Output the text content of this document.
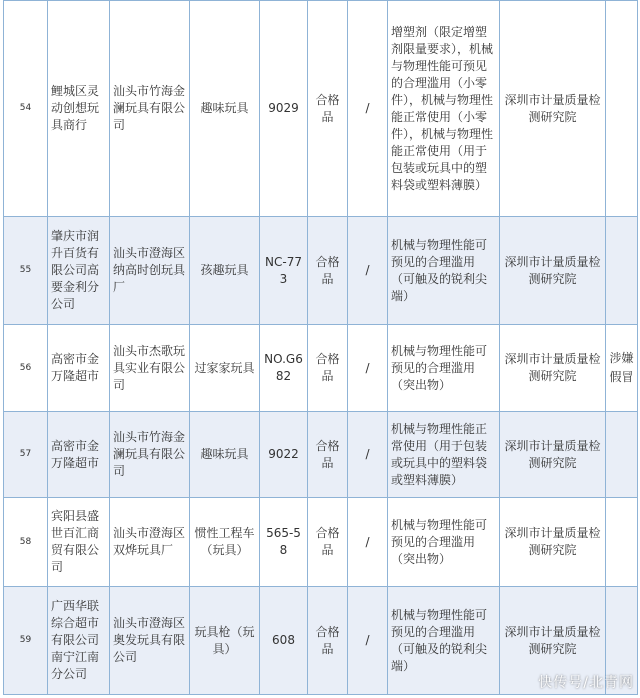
54	鲤城区灵动创想玩具商行	汕头市竹海金澜玩具有限公司	趣味玩具	9029	合格品	/	增塑剂（限定增塑剂限量要求），机械与物理性能可预见的合理滥用（小零件），机械与物理性能正常使用（小零件），机械与物理性能正常使用（用于包装或玩具中的塑料袋或塑料薄膜）	深圳市计量质量检测研究院	
55	肇庆市润升百货有限公司高要金利分公司	汕头市澄海区纳高时创玩具厂	孩趣玩具	NC-773	合格品	/	机械与物理性能可预见的合理滥用（可触及的锐利尖端）	深圳市计量质量检测研究院	
56	高密市金万隆超市	汕头市杰歌玩具实业有限公司	过家家玩具	NO.G682	合格品	/	机械与物理性能可预见的合理滥用（突出物）	深圳市计量质量检测研究院	涉嫌假冒
57	高密市金万隆超市	汕头市竹海金澜玩具有限公司	趣味玩具	9022	合格品	/	机械与物理性能正常使用（用于包装或玩具中的塑料袋或塑料薄膜）	深圳市计量质量检测研究院	
58	宾阳县盛世百汇商贸有限公司	汕头市澄海区双烨玩具厂	惯性工程车（玩具）	565-58	合格品	/	机械与物理性能可预见的合理滥用（突出物）	深圳市计量质量检测研究院	
59	广西华联综合超市有限公司南宁江南分公司	汕头市澄海区奥发玩具有限公司	玩具枪（玩具）	608	合格品	/	机械与物理性能可预见的合理滥用（可触及的锐利尖端）	深圳市计量质量检测研究院	
快传号/北青网
